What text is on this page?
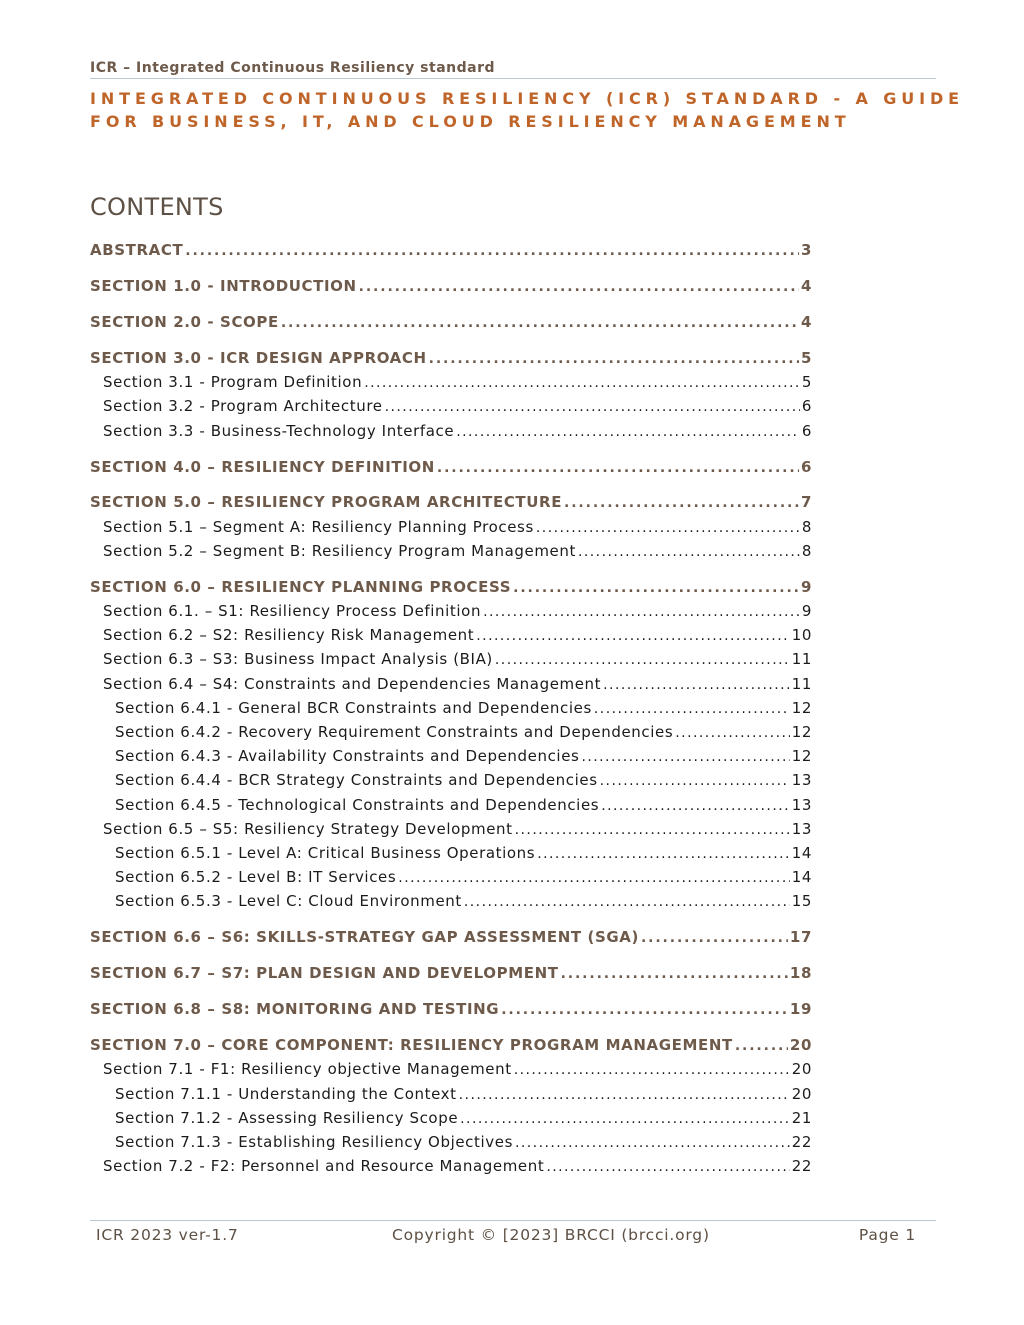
ICR – Integrated Continuous Resiliency standard
INTEGRATED CONTINUOUS RESILIENCY (ICR) STANDARD - A GUIDE
FOR BUSINESS, IT, AND CLOUD RESILIENCY MANAGEMENT
CONTENTS
ABSTRACT . . .	3
SECTION 1.0 - INTRODUCTION . . .	4
SECTION 2.0 - SCOPE . . .	4
SECTION 3.0 - ICR DESIGN APPROACH . . .	5
Section 3.1 - Program Definition . . .	5
Section 3.2 - Program Architecture . . .	6
Section 3.3 - Business-Technology Interface . . .	6
SECTION 4.0 – RESILIENCY DEFINITION . . .	6
SECTION 5.0 – RESILIENCY PROGRAM ARCHITECTURE . . .	7
Section 5.1 – Segment A: Resiliency Planning Process . . .	8
Section 5.2 – Segment B: Resiliency Program Management . . .	8
SECTION 6.0 – RESILIENCY PLANNING PROCESS . . .	9
Section 6.1. – S1: Resiliency Process Definition . . .	9
Section 6.2 – S2: Resiliency Risk Management . . .	10
Section 6.3 – S3: Business Impact Analysis (BIA) . . .	11
Section 6.4 – S4: Constraints and Dependencies Management . . .	11
Section 6.4.1 - General BCR Constraints and Dependencies . . .	12
Section 6.4.2 - Recovery Requirement Constraints and Dependencies . . .	12
Section 6.4.3 - Availability Constraints and Dependencies . . .	12
Section 6.4.4 - BCR Strategy Constraints and Dependencies . . .	13
Section 6.4.5 - Technological Constraints and Dependencies . . .	13
Section 6.5 – S5: Resiliency Strategy Development . . .	13
Section 6.5.1 - Level A: Critical Business Operations . . .	14
Section 6.5.2 - Level B: IT Services . . .	14
Section 6.5.3 - Level C: Cloud Environment . . .	15
SECTION 6.6 – S6: SKILLS-STRATEGY GAP ASSESSMENT (SGA) . . .	17
SECTION 6.7 – S7: PLAN DESIGN AND DEVELOPMENT . . .	18
SECTION 6.8 – S8: MONITORING AND TESTING . . .	19
SECTION 7.0 – CORE COMPONENT: RESILIENCY PROGRAM MANAGEMENT . . .	20
Section 7.1 - F1: Resiliency objective Management . . .	20
Section 7.1.1 - Understanding the Context . . .	20
Section 7.1.2 - Assessing Resiliency Scope . . .	21
Section 7.1.3 - Establishing Resiliency Objectives . . .	22
Section 7.2 - F2: Personnel and Resource Management . . .	22
ICR 2023 ver-1.7	Copyright © [2023] BRCCI (brcci.org)	Page 1
